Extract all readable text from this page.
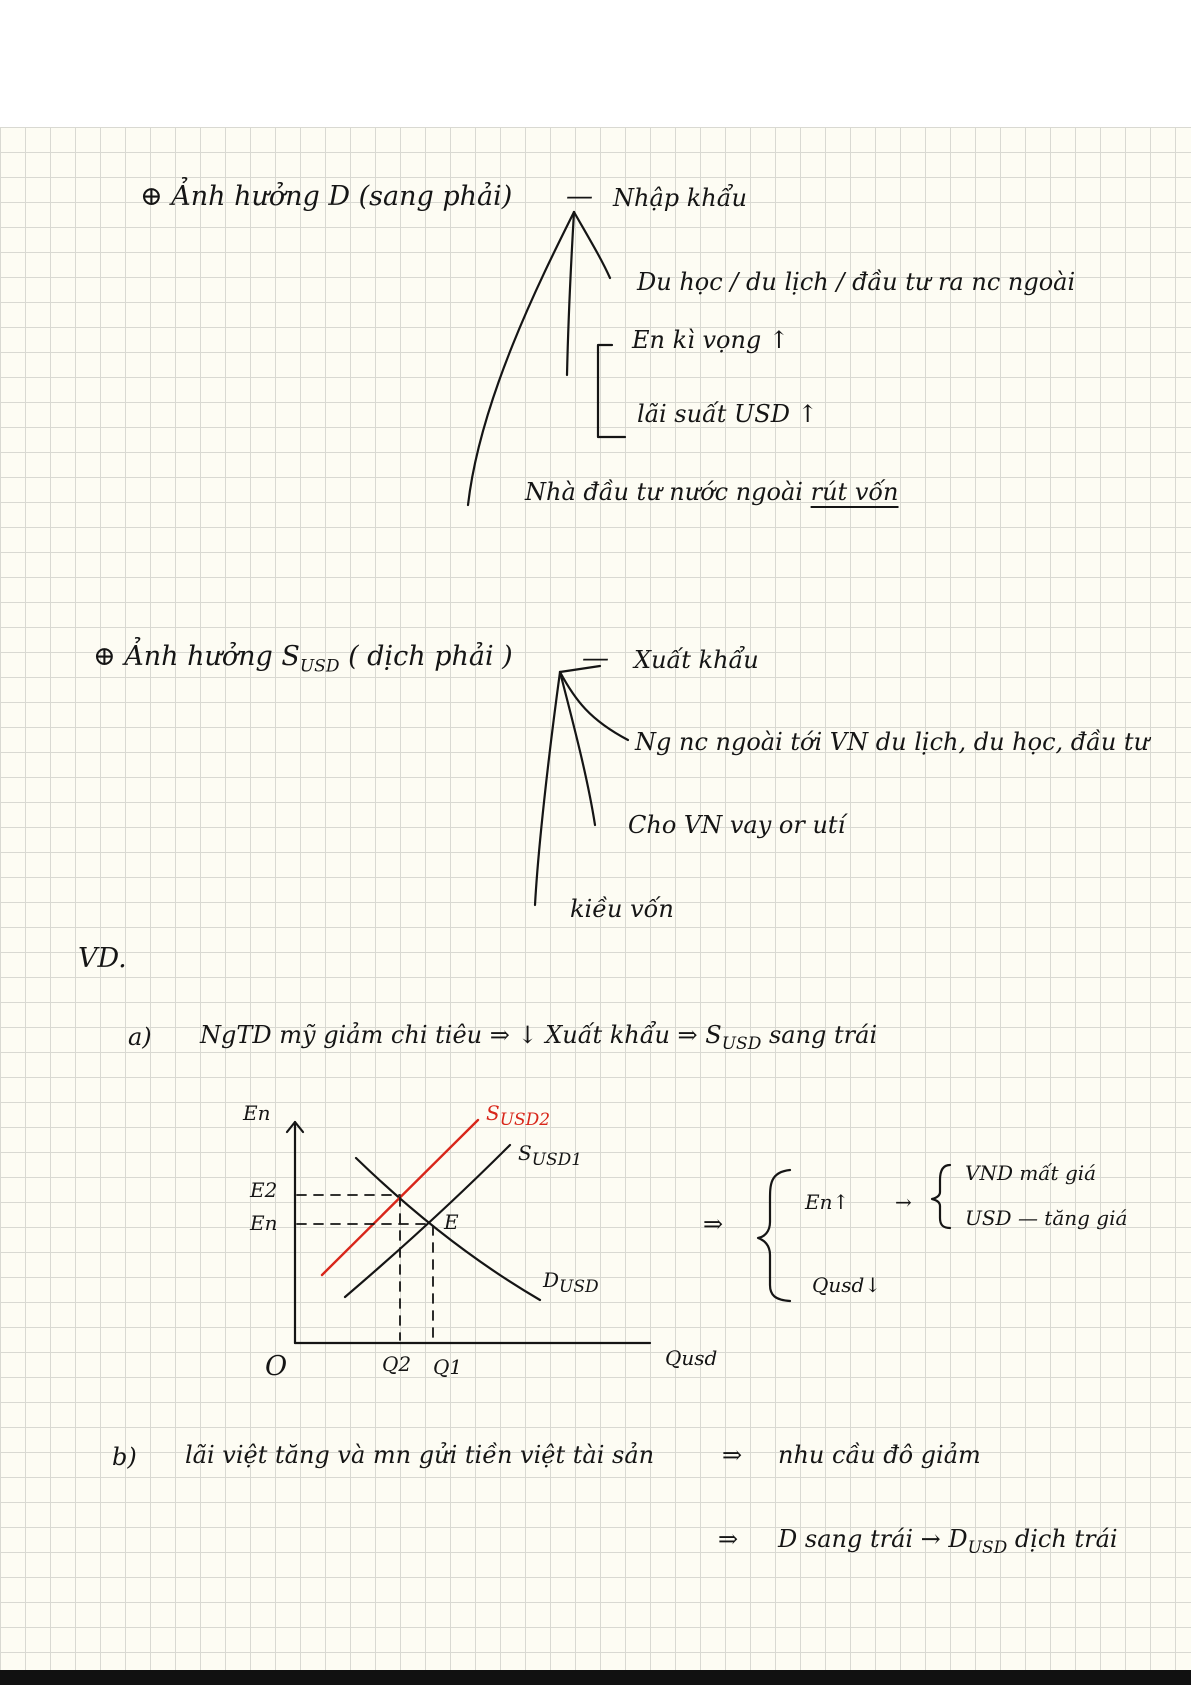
⊕ Ảnh hưởng D (sang phải) — Nhập khẩu
Du học / du lịch / đầu tư ra nc ngoài
En kì vọng ↑
lãi suất USD ↑
Nhà đầu tư nước ngoài rút vốn
⊕ Ảnh hưởng $S_{USD}$ ( dịch phải )	— Xuất khẩu
Ng nc ngoài tới VN du lịch, du học, đầu tư
Cho VN vay or utí
kiều vốn
VD.
a) NgTD mỹ giảm chi tiêu ⇒ ↓ Xuất khẩu ⇒ $S_{USD}$ sang trái
En
Qusd
O
E2
En
Q2 Q1
E
$S_{USD2}$
$S_{USD1}$
$D_{USD}$
⇒
En↑ →
VND mất giá
USD — tăng giá
Qusd↓
b) lãi việt tăng và mn gửi tiền việt tài sản	⇒ nhu cầu đô giảm
⇒ D sang trái → $D_{USD}$ dịch trái
